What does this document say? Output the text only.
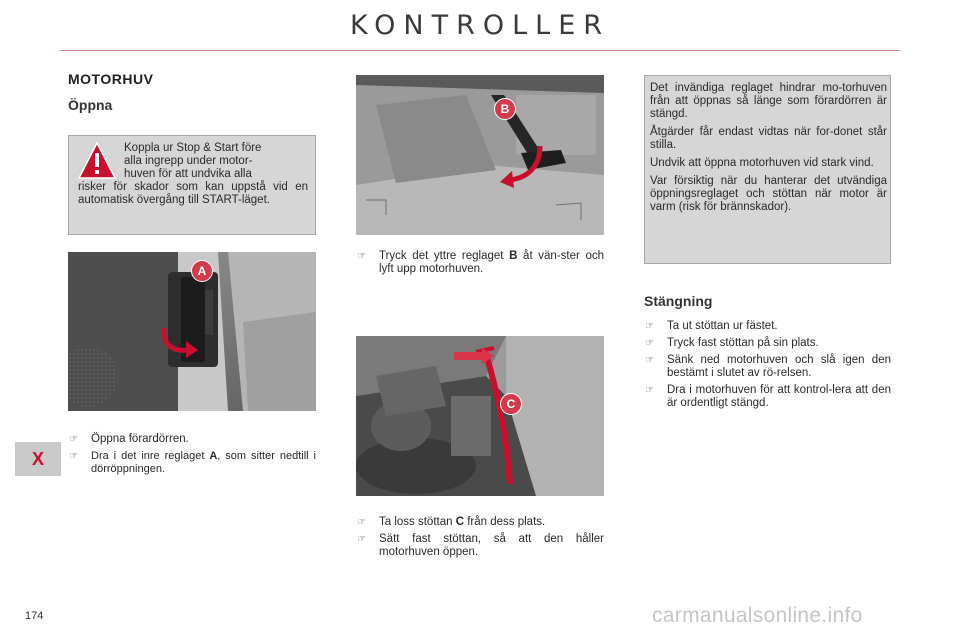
KONTROLLER
MOTORHUV
Öppna
Koppla ur Stop & Start före
alla ingrepp under motor-
huven för att undvika alla
risker för skador som kan uppstå vid en automatisk övergång till START-läget.
A
☞ Öppna förardörren.
☞ Dra i det inre reglaget A, som sitter nedtill i dörröppningen.
B
☞ Tryck det yttre reglaget B åt vän-ster och lyft upp motorhuven.
C
☞ Ta loss stöttan C från dess plats.
☞ Sätt fast stöttan, så att den håller motorhuven öppen.

Det invändiga reglaget hindrar mo-torhuven från att öppnas så länge som förardörren är stängd.

Åtgärder får endast vidtas när for-donet står stilla.

Undvik att öppna motorhuven vid stark vind.

Var försiktig när du hanterar det utvändiga öppningsreglaget och stöttan när motor är varm (risk för brännskador).

Stängning
☞ Ta ut stöttan ur fästet.
☞ Tryck fast stöttan på sin plats.
☞ Sänk ned motorhuven och slå igen den bestämt i slutet av rö-relsen.
☞ Dra i motorhuven för att kontrol-lera att den är ordentligt stängd.
X
174	carmanualsonline.info
